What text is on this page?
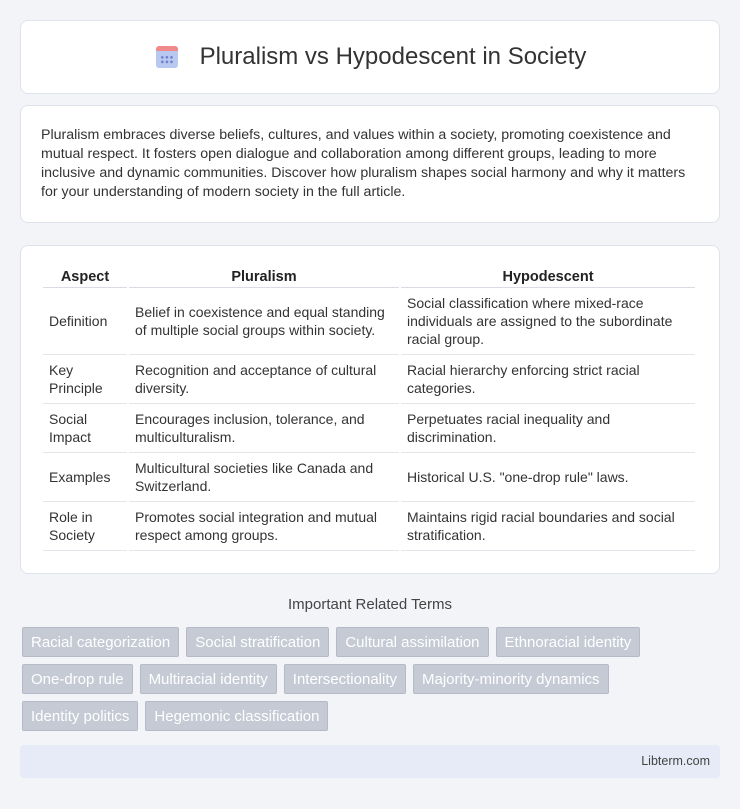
Pluralism vs Hypodescent in Society

Pluralism embraces diverse beliefs, cultures, and values within a society, promoting coexistence and mutual respect. It fosters open dialogue and collaboration among different groups, leading to more inclusive and dynamic communities. Discover how pluralism shapes social harmony and why it matters for your understanding of modern society in the full article.

Aspect	Pluralism	Hypodescent
Definition	Belief in coexistence and equal standing of multiple social groups within society.	Social classification where mixed-race individuals are assigned to the subordinate racial group.
Key Principle	Recognition and acceptance of cultural diversity.	Racial hierarchy enforcing strict racial categories.
Social Impact	Encourages inclusion, tolerance, and multiculturalism.	Perpetuates racial inequality and discrimination.
Examples	Multicultural societies like Canada and Switzerland.	Historical U.S. "one-drop rule" laws.
Role in Society	Promotes social integration and mutual respect among groups.	Maintains rigid racial boundaries and social stratification.
Important Related Terms
Racial categorization	Social stratification	Cultural assimilation	Ethnoracial identity
One-drop rule	Multiracial identity	Intersectionality	Majority-minority dynamics
Identity politics	Hegemonic classification
Libterm.com
